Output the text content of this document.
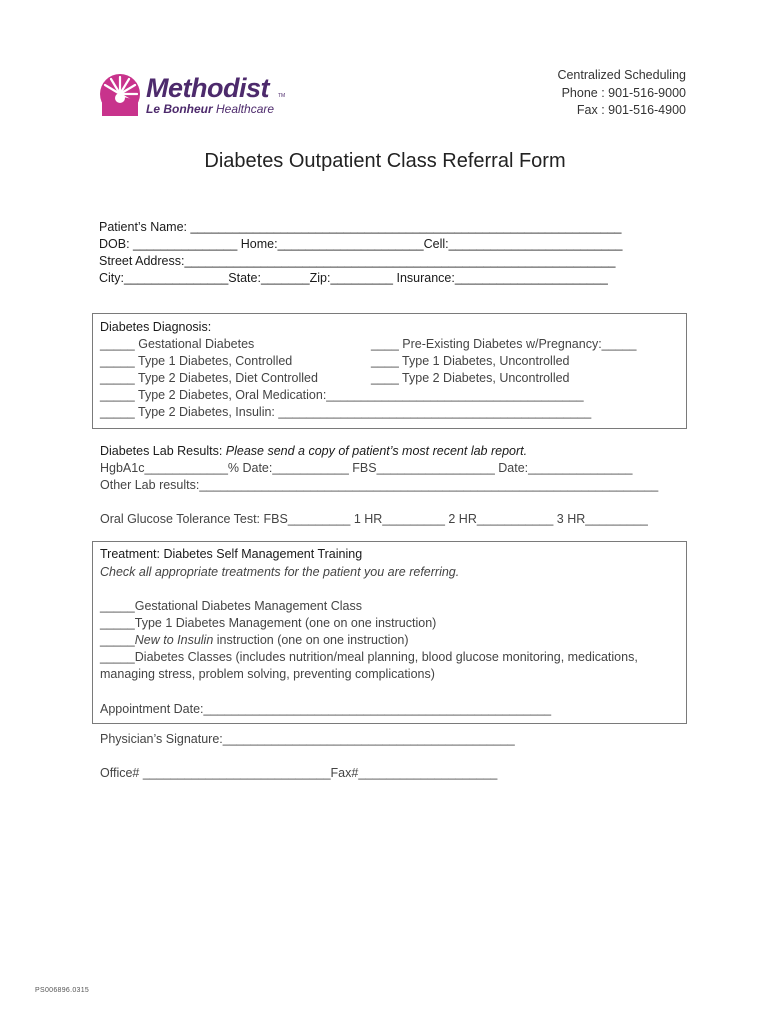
Methodist TM
Le Bonheur Healthcare
Centralized Scheduling
Phone : 901-516-9000
Fax : 901-516-4900
Diabetes Outpatient Class Referral Form
Patient’s Name: ______________________________________________________________
DOB: _______________ Home:_____________________Cell:_________________________
Street Address:______________________________________________________________
City:_______________State:_______Zip:_________ Insurance:______________________
Diabetes Diagnosis:
_____ Gestational Diabetes
_____ Type 1 Diabetes, Controlled
_____ Type 2 Diabetes, Diet Controlled
_____ Type 2 Diabetes, Oral Medication:_____________________________________
_____ Type 2 Diabetes, Insulin: _____________________________________________
____ Pre-Existing Diabetes w/Pregnancy:_____
____ Type 1 Diabetes, Uncontrolled
____ Type 2 Diabetes, Uncontrolled
Diabetes Lab Results: Please send a copy of patient’s most recent lab report.
HgbA1c____________% Date:___________ FBS_________________ Date:_______________
Other Lab results:__________________________________________________________________
Oral Glucose Tolerance Test: FBS_________ 1 HR_________ 2 HR___________ 3 HR_________
Treatment: Diabetes Self Management Training
Check all appropriate treatments for the patient you are referring.
_____Gestational Diabetes Management Class
_____Type 1 Diabetes Management (one on one instruction)
_____New to Insulin instruction (one on one instruction)
_____Diabetes Classes (includes nutrition/meal planning, blood glucose monitoring, medications,
managing stress, problem solving, preventing complications)
Appointment Date:__________________________________________________
Physician’s Signature:__________________________________________
Office# ___________________________Fax#____________________
PS006896.0315
